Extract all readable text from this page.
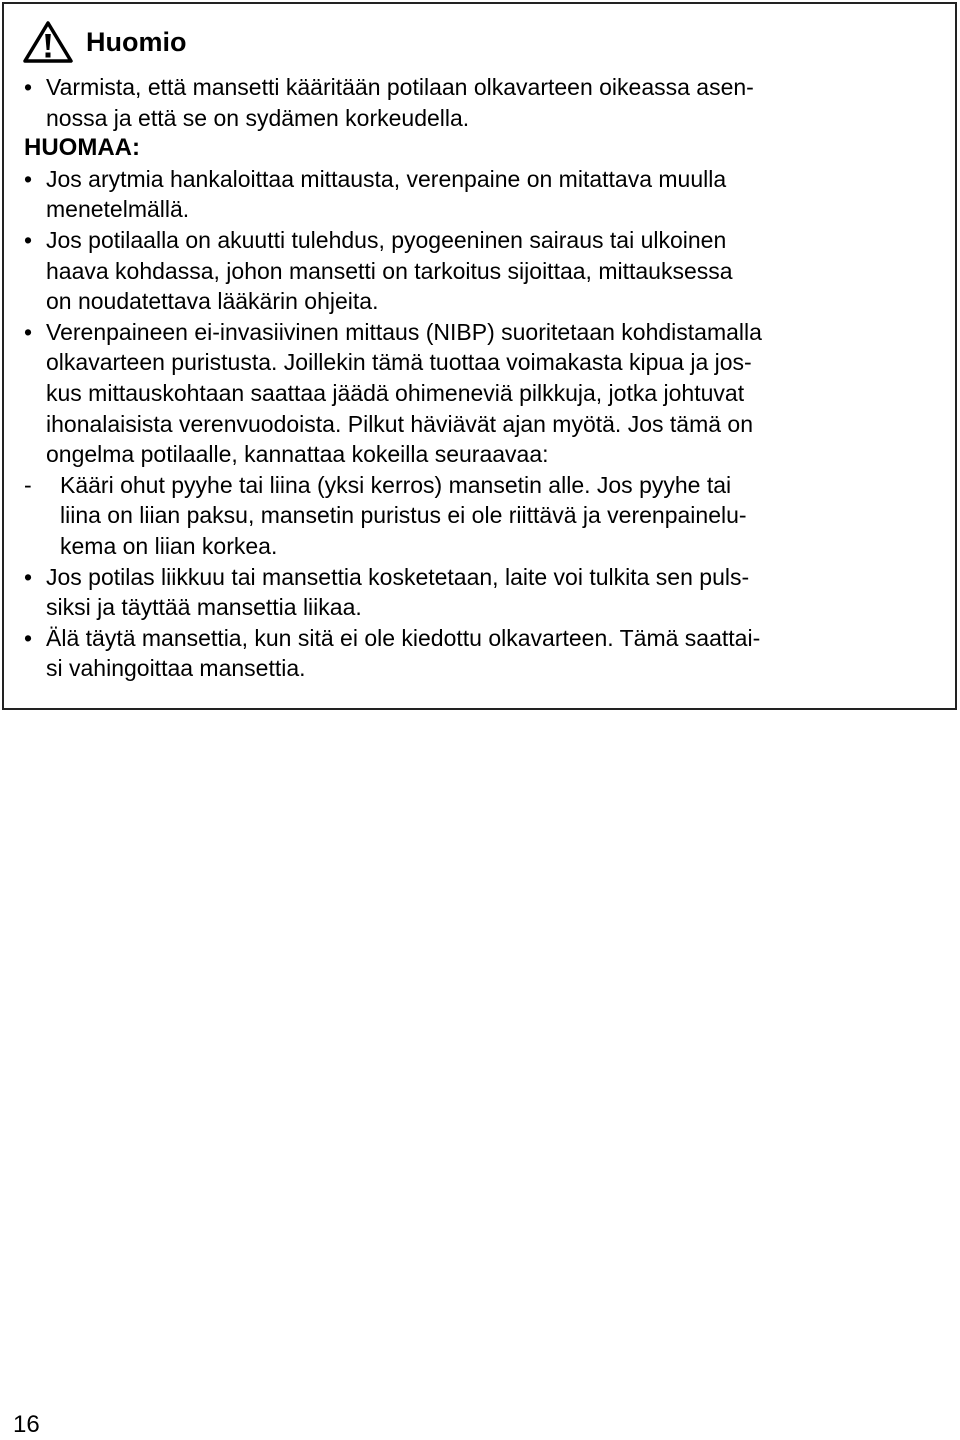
Huomio
• Varmista, että mansetti kääritään potilaan olkavarteen oikeassa asen-
nossa ja että se on sydämen korkeudella.
HUOMAA:
• Jos arytmia hankaloittaa mittausta, verenpaine on mitattava muulla
menetelmällä.
• Jos potilaalla on akuutti tulehdus, pyogeeninen sairaus tai ulkoinen
haava kohdassa, johon mansetti on tarkoitus sijoittaa, mittauksessa
on noudatettava lääkärin ohjeita.
• Verenpaineen ei-invasiivinen mittaus (NIBP) suoritetaan kohdistamalla
olkavarteen puristusta. Joillekin tämä tuottaa voimakasta kipua ja jos-
kus mittauskohtaan saattaa jäädä ohimeneviä pilkkuja, jotka johtuvat
ihonalaisista verenvuodoista. Pilkut häviävät ajan myötä. Jos tämä on
ongelma potilaalle, kannattaa kokeilla seuraavaa:
- Kääri ohut pyyhe tai liina (yksi kerros) mansetin alle. Jos pyyhe tai
liina on liian paksu, mansetin puristus ei ole riittävä ja verenpainelu-
kema on liian korkea.
• Jos potilas liikkuu tai mansettia kosketetaan, laite voi tulkita sen puls-
siksi ja täyttää mansettia liikaa.
• Älä täytä mansettia, kun sitä ei ole kiedottu olkavarteen. Tämä saattai-
si vahingoittaa mansettia.
16
